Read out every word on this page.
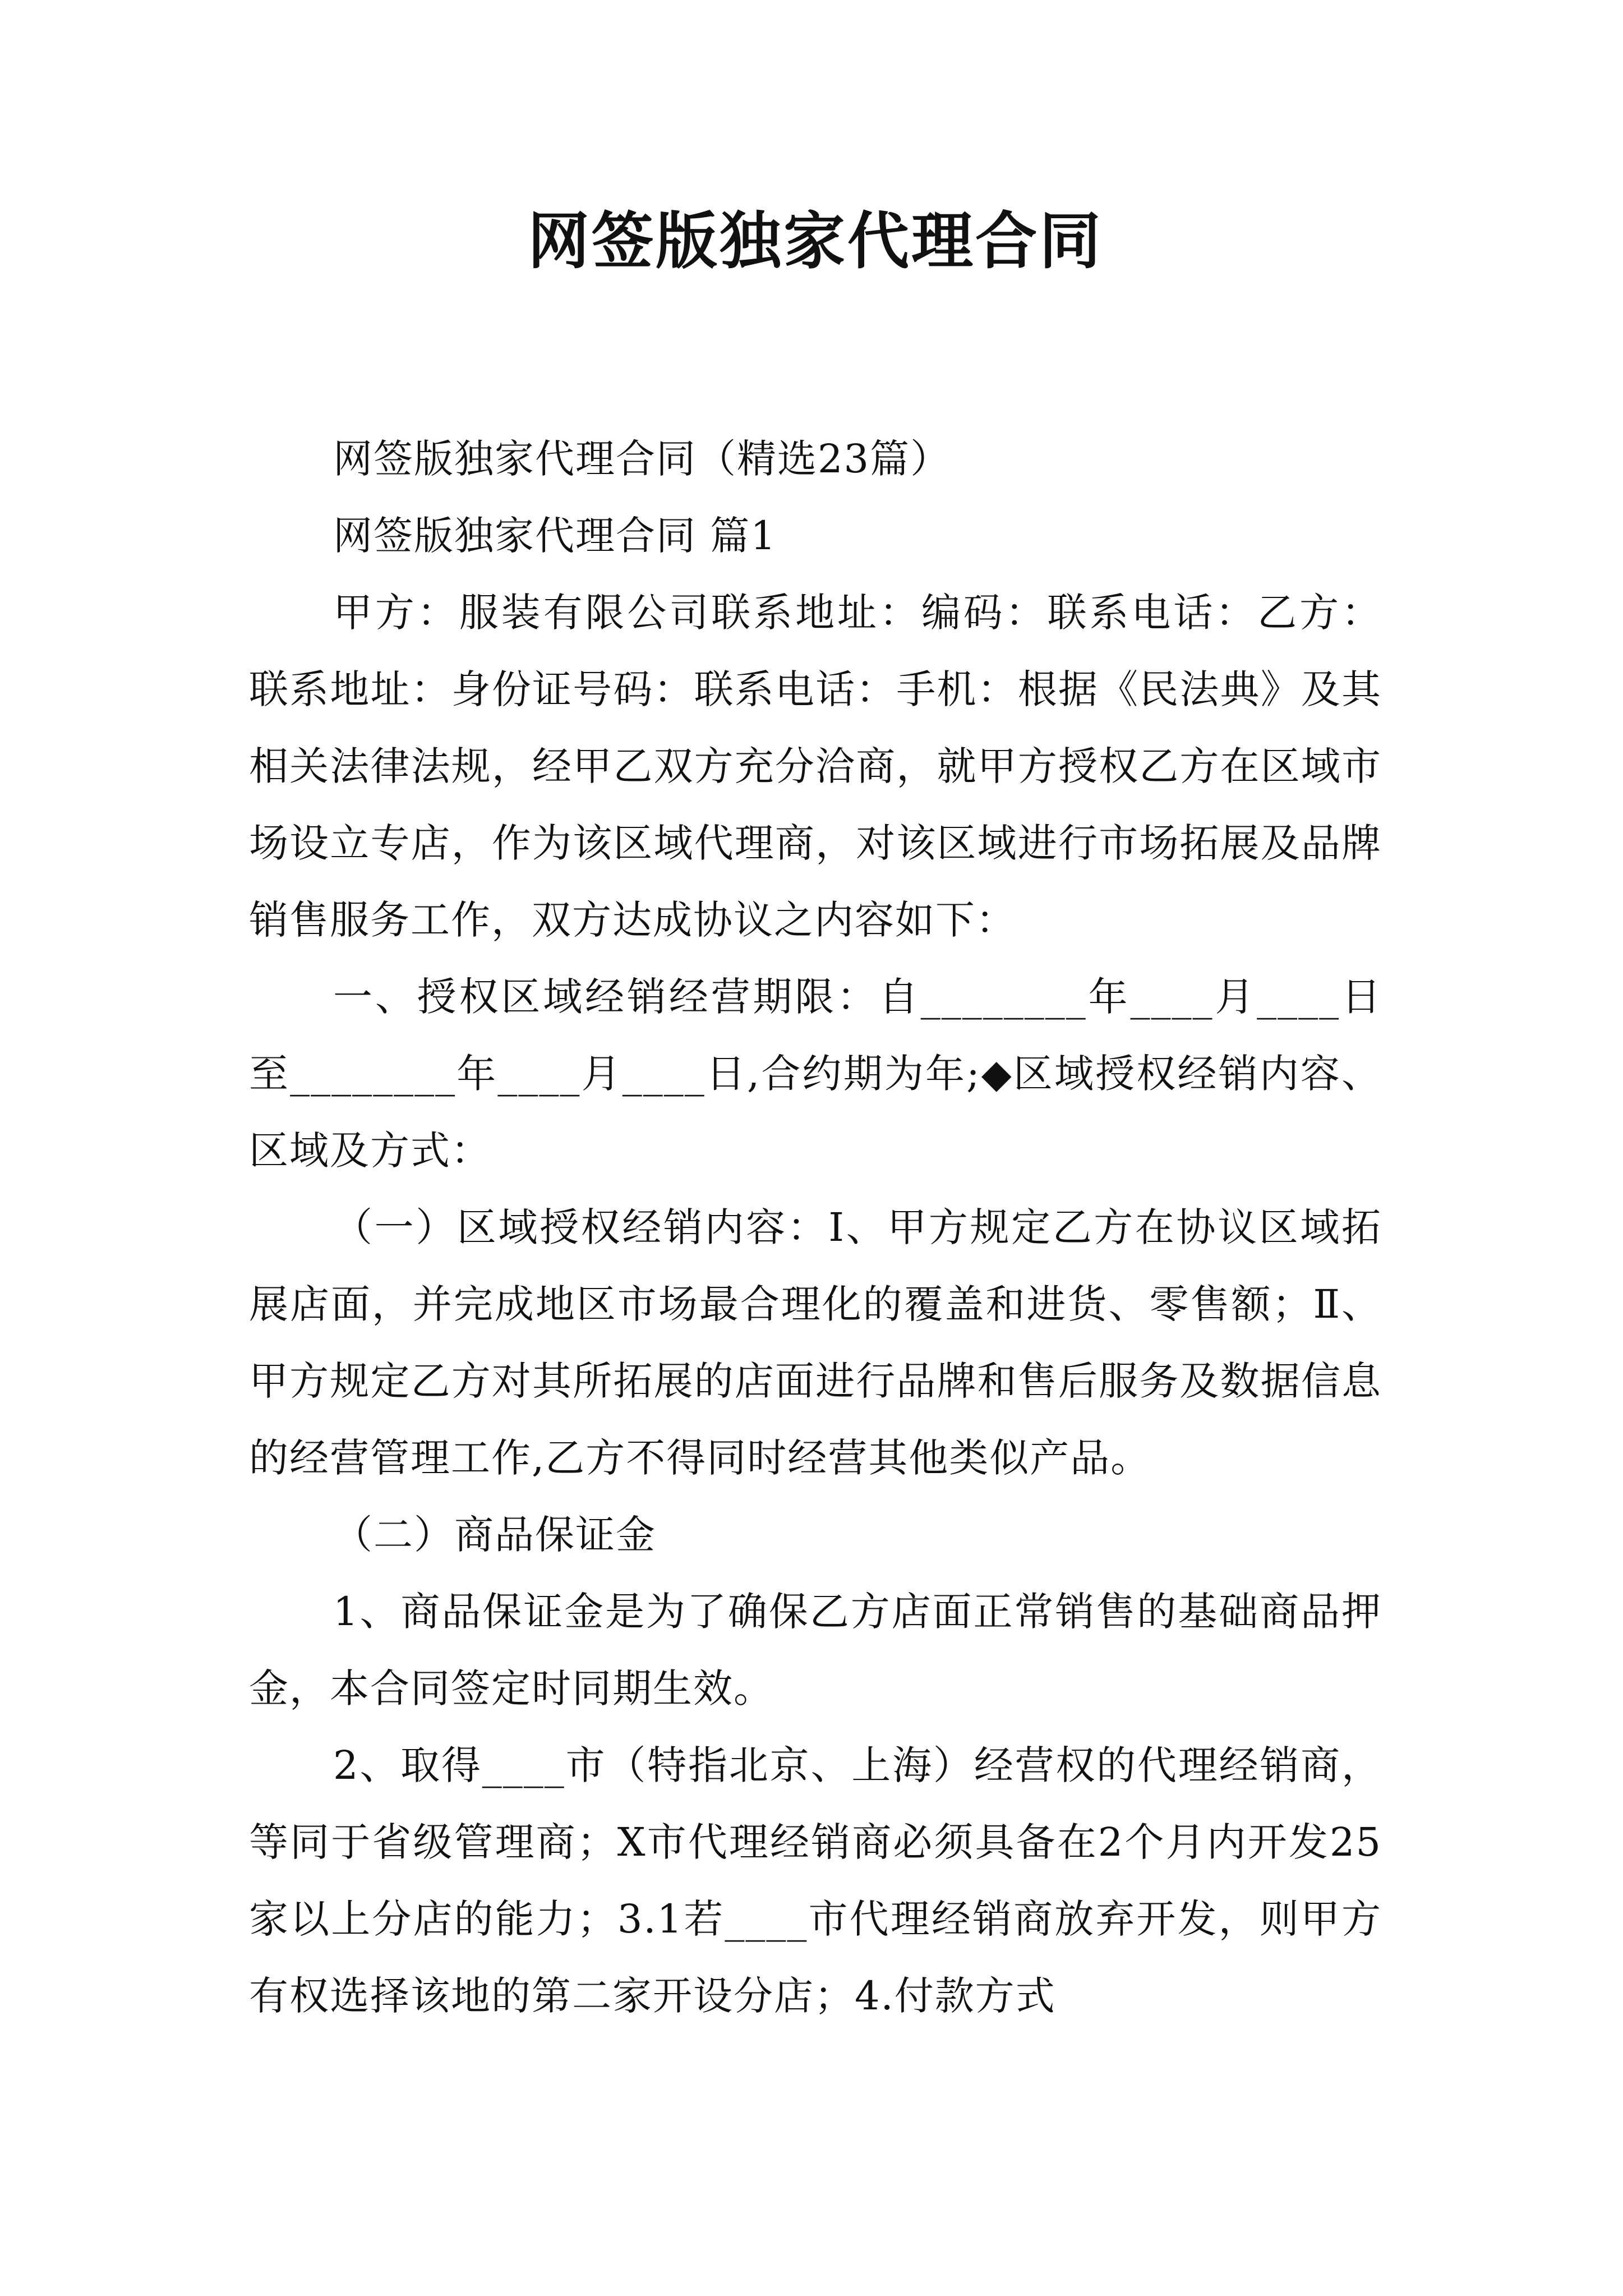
网签版独家代理合同

网签版独家代理合同（精选23篇）

网签版独家代理合同 篇1

甲方：服装有限公司联系地址：编码：联系电话：乙方：联系地址：身份证号码：联系电话：手机：根据《民法典》及其相关法律法规，经甲乙双方充分洽商，就甲方授权乙方在区域市场设立专店，作为该区域代理商，对该区域进行市场拓展及品牌销售服务工作，双方达成协议之内容如下：

一、授权区域经销经营期限：自________年____月____日至________年____月____日,合约期为年;◆区域授权经销内容、区域及方式：

（一）区域授权经销内容：Ⅰ、甲方规定乙方在协议区域拓展店面，并完成地区市场最合理化的覆盖和进货、零售额；Ⅱ、甲方规定乙方对其所拓展的店面进行品牌和售后服务及数据信息的经营管理工作,乙方不得同时经营其他类似产品。

（二）商品保证金

1、商品保证金是为了确保乙方店面正常销售的基础商品押金，本合同签定时同期生效。

2、取得____市（特指北京、上海）经营权的代理经销商，等同于省级管理商；X市代理经销商必须具备在2个月内开发25家以上分店的能力；3.1若____市代理经销商放弃开发，则甲方有权选择该地的第二家开设分店；4.付款方式
